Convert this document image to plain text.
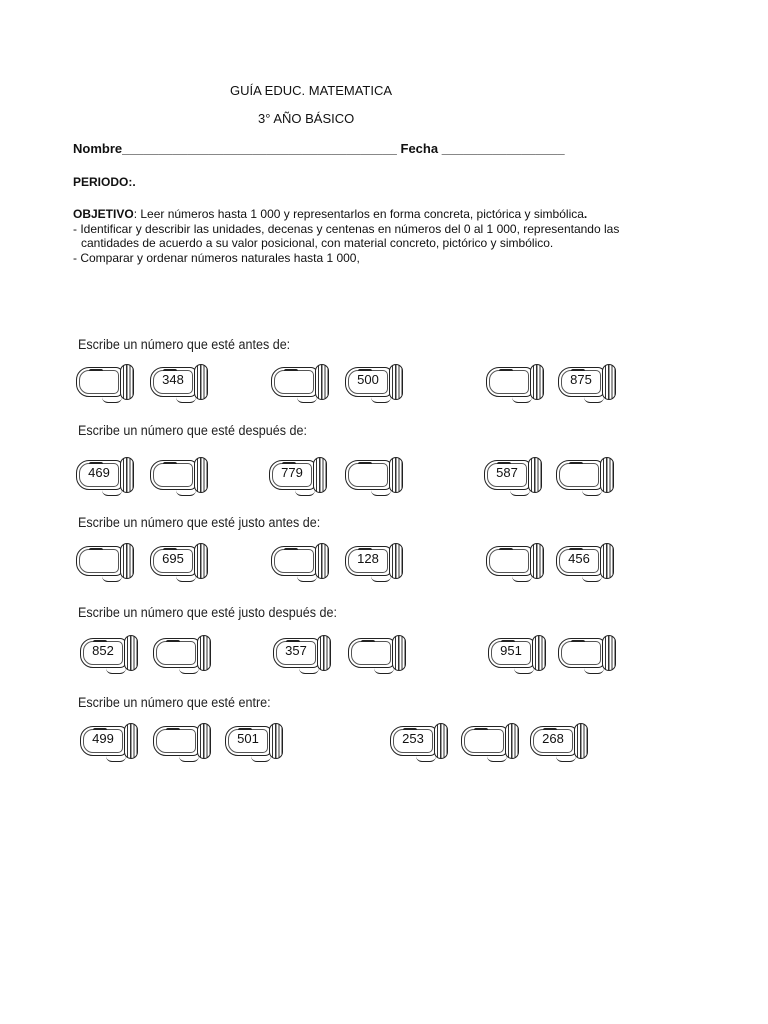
GUÍA EDUC. MATEMATICA
3° AÑO BÁSICO
Nombre______________________________________ Fecha _________________
PERIODO:.
OBJETIVO: Leer números hasta 1 000 y representarlos en forma concreta, pictórica y simbólica.
- Identificar y describir las unidades, decenas y centenas en números del 0 al 1 000, representando las
cantidades de acuerdo a su valor posicional, con material concreto, pictórico y simbólico.
- Comparar y ordenar números naturales hasta 1 000,
Escribe un número que esté antes de:
Escribe un número que esté después de:
Escribe un número que esté justo antes de:
Escribe un número que esté justo después de:
Escribe un número que esté entre:
348	500	875
469	779	587
695	128	456
852	357	951
499	501	253	268
